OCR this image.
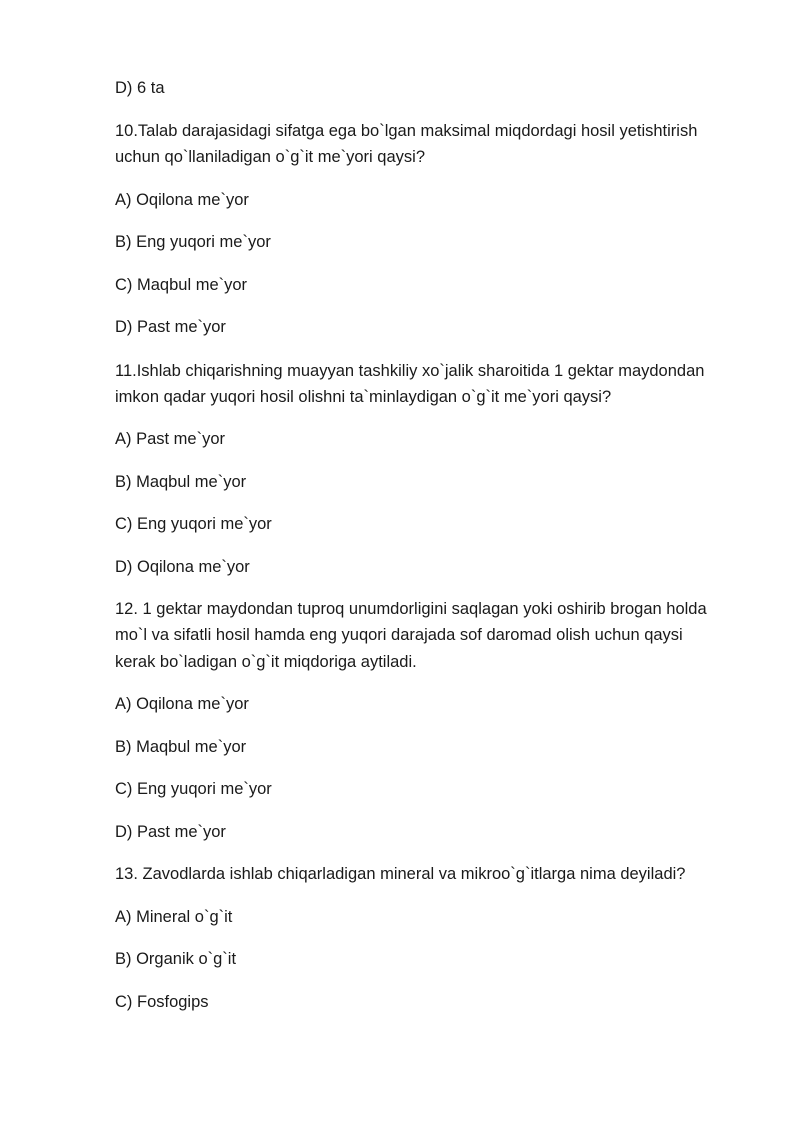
D) 6 ta
10.Talab darajasidagi sifatga ega bo`lgan maksimal miqdordagi hosil yetishtirish
uchun qo`llaniladigan o`g`it me`yori qaysi?
A) Oqilona me`yor
B) Eng yuqori me`yor
C) Maqbul me`yor
D) Past me`yor
11.Ishlab chiqarishning muayyan tashkiliy xo`jalik sharoitida 1 gektar maydondan
imkon qadar yuqori hosil olishni ta`minlaydigan o`g`it me`yori qaysi?
A) Past me`yor
B) Maqbul me`yor
C) Eng yuqori me`yor
D) Oqilona me`yor
12. 1 gektar maydondan tuproq unumdorligini saqlagan yoki oshirib brogan holda
mo`l va sifatli hosil hamda eng yuqori darajada sof daromad olish uchun qaysi
kerak bo`ladigan o`g`it miqdoriga aytiladi.
A) Oqilona me`yor
B) Maqbul me`yor
C) Eng yuqori me`yor
D) Past me`yor
13. Zavodlarda ishlab chiqarladigan mineral va mikroo`g`itlarga nima deyiladi?
A) Mineral o`g`it
B) Organik o`g`it
C) Fosfogips
